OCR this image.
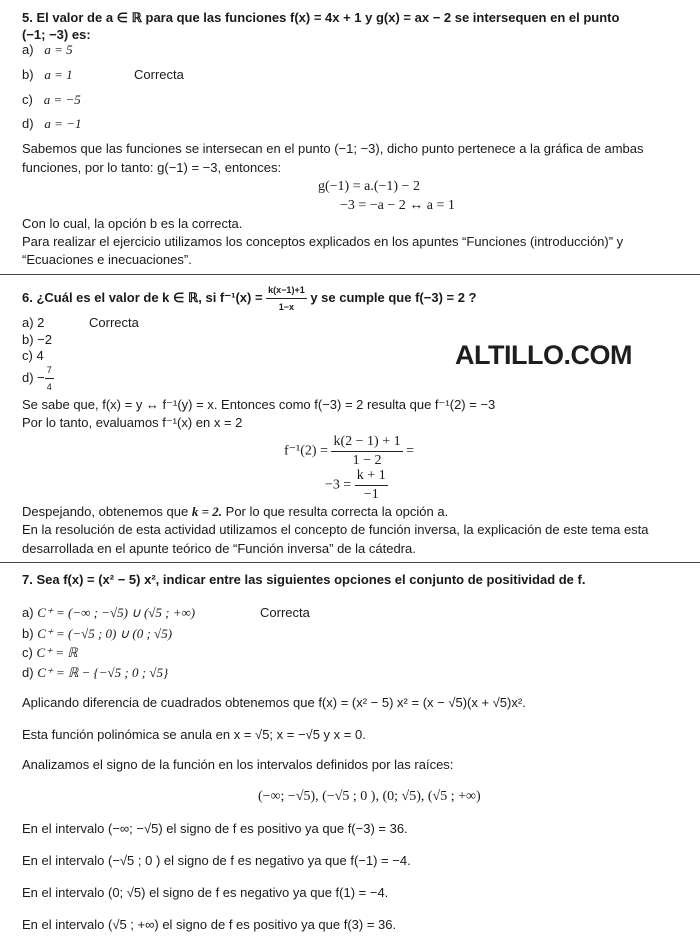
5. El valor de a ∈ ℝ para que las funciones f(x) = 4x + 1 y g(x) = ax − 2 se intersequen en el punto
(−1; −3) es:
a) a = 5
b) a = 1	Correcta
c) a = −5
d) a = −1
Sabemos que las funciones se intersecan en el punto (−1; −3), dicho punto pertenece a la gráfica de ambas
funciones, por lo tanto: g(−1) = −3, entonces:
g(−1) = a.(−1) − 2
−3 = −a − 2 ↔ a = 1
Con lo cual, la opción b es la correcta.
Para realizar el ejercicio utilizamos los conceptos explicados en los apuntes “Funciones (introducción)” y
“Ecuaciones e inecuaciones”.
6. ¿Cuál es el valor de k ∈ ℝ, si $f^{-1}(x) = \frac{k(x-1)+1}{1-x}$ y se cumple que f(−3) = 2 ?
a) 2	Correcta
b) −2
c) 4
$d) - \frac{7}{4}$
ALTILLO.COM
Se sabe que, f(x) = y ↔ f⁻¹(y) = x. Entonces como f(−3) = 2 resulta que f⁻¹(2) = −3
Por lo tanto, evaluamos f⁻¹(x) en x = 2
$f^{-1}(2) = \frac{k(2 - 1) + 1}{1 - 2}$ =
$-3 = \frac{k + 1}{-1}$
Despejando, obtenemos que k = 2. Por lo que resulta correcta la opción a.
En la resolución de esta actividad utilizamos el concepto de función inversa, la explicación de este tema esta
desarrollada en el apunte teórico de “Función inversa” de la cátedra.
7. Sea f(x) = (x² − 5) x², indicar entre las siguientes opciones el conjunto de positividad de f.
a) C⁺ = (−∞ ; −√5) ∪ (√5 ; +∞)	Correcta
b) C⁺ = (−√5 ; 0) ∪ (0 ; √5)
c) C⁺ = ℝ
d) C⁺ = ℝ − {−√5 ; 0 ; √5}
Aplicando diferencia de cuadrados obtenemos que f(x) = (x² − 5) x² = (x − √5)(x + √5)x².
Esta función polinómica se anula en x = √5; x = −√5 y x = 0.
Analizamos el signo de la función en los intervalos definidos por las raíces:
(−∞; −√5), (−√5 ; 0 ), (0; √5), (√5 ; +∞)
En el intervalo (−∞; −√5) el signo de f es positivo ya que f(−3) = 36.
En el intervalo (−√5 ; 0 ) el signo de f es negativo ya que f(−1) = −4.
En el intervalo (0; √5) el signo de f es negativo ya que f(1) = −4.
En el intervalo (√5 ; +∞) el signo de f es positivo ya que f(3) = 36.
